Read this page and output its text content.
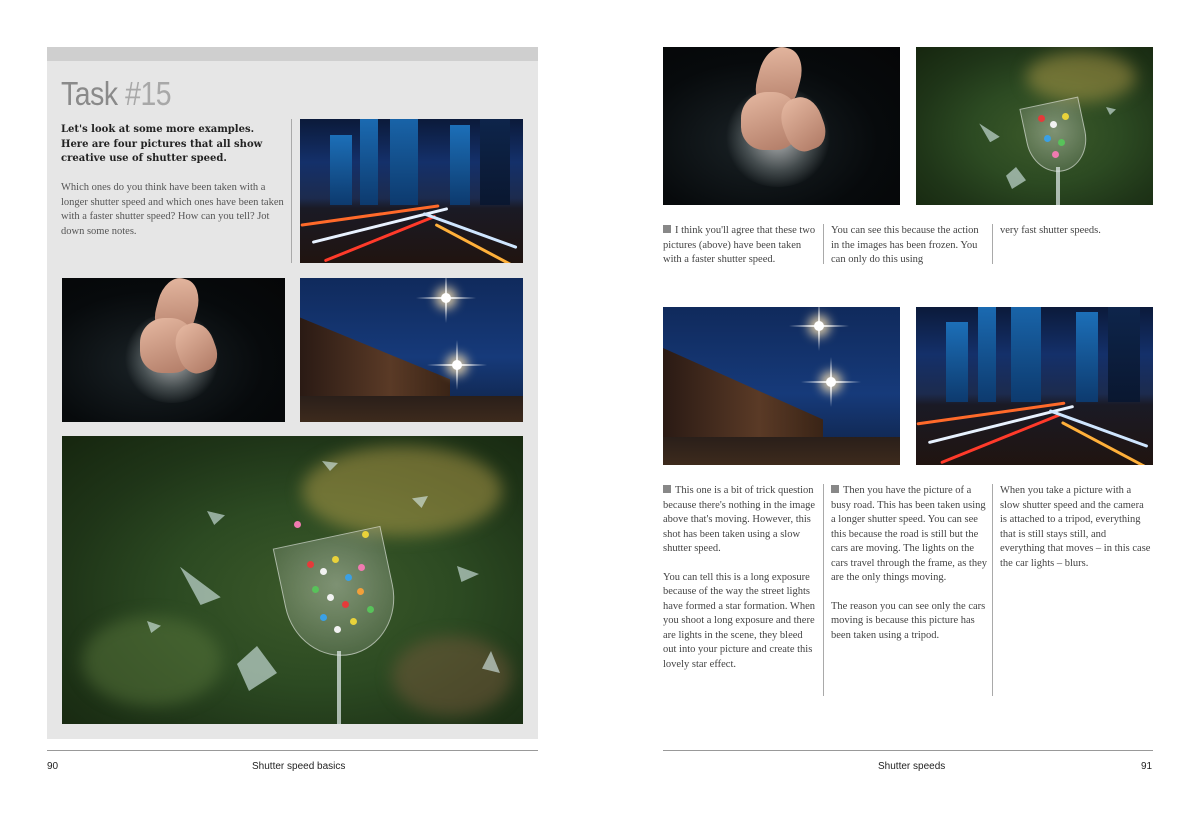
Task #15
Let's look at some more examples. Here are four pictures that all show creative use of shutter speed.
Which ones do you think have been taken with a longer shutter speed and which ones have been taken with a faster shutter speed? How can you tell? Jot down some notes.
90	Shutter speed basics
I think you'll agree that these two pictures (above) have been taken with a faster shutter speed.
You can see this because the action in the images has been frozen. You can only do this using
very fast shutter speeds.

This one is a bit of trick question because there's nothing in the image above that's moving. However, this shot has been taken using a slow shutter speed.

You can tell this is a long exposure because of the way the street lights have formed a star formation. When you shoot a long exposure and there are lights in the scene, they bleed out into your picture and create this lovely star effect.

Then you have the picture of a busy road. This has been taken using a longer shutter speed. You can see this because the road is still but the cars are moving. The lights on the cars travel through the frame, as they are the only things moving.

The reason you can see only the cars moving is because this picture has been taken using a tripod.

When you take a picture with a slow shutter speed and the camera is attached to a tripod, everything that is still stays still, and everything that moves – in this case the car lights – blurs.
Shutter speeds	91
